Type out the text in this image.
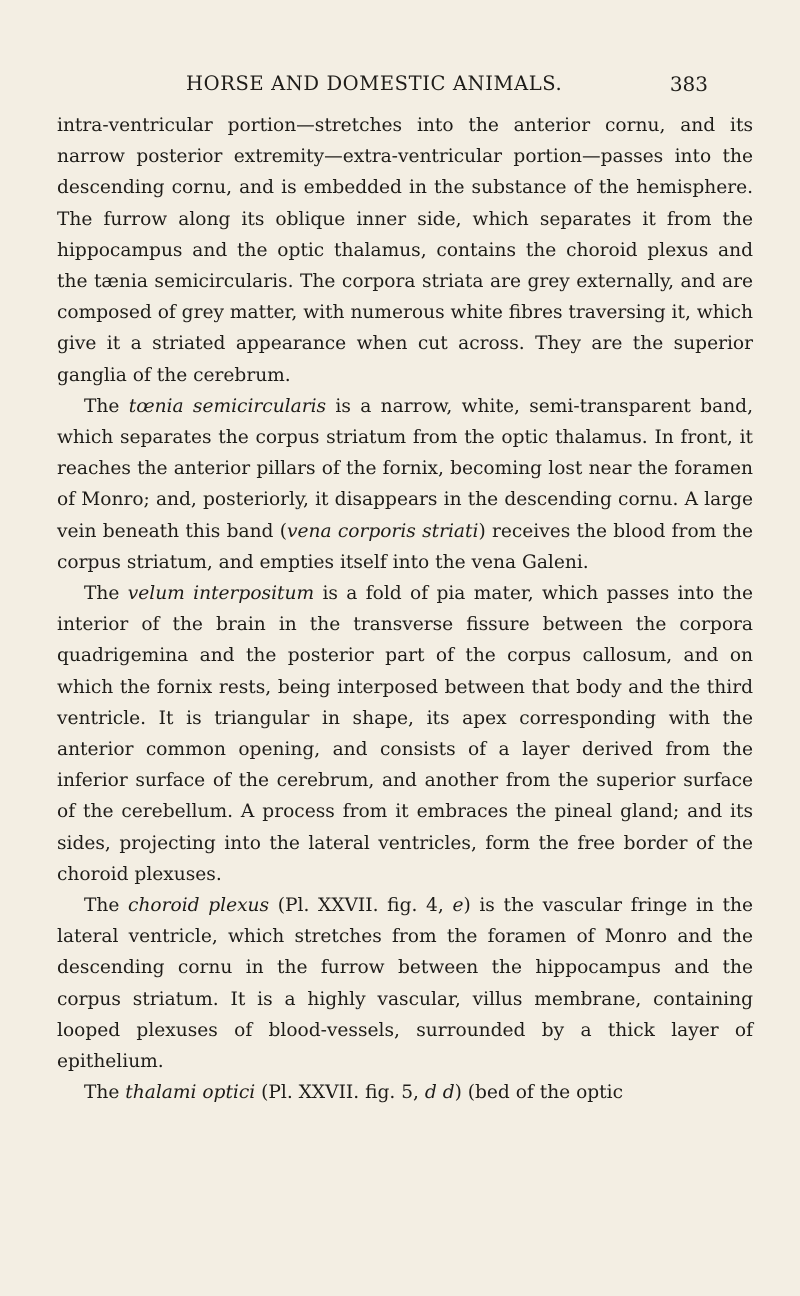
HORSE AND DOMESTIC ANIMALS.	383

intra-ventricular portion—stretches into the anterior cornu, and its narrow posterior extremity—extra-ventricular portion—passes into the descending cornu, and is embedded in the substance of the hemisphere. The furrow along its oblique inner side, which separates it from the hippocampus and the optic thalamus, contains the choroid plexus and the tænia semicircularis. The corpora striata are grey externally, and are composed of grey matter, with numerous white fibres traversing it, which give it a striated appearance when cut across. They are the superior ganglia of the cerebrum.

The tœnia semicircularis is a narrow, white, semi-transparent band, which separates the corpus striatum from the optic thalamus. In front, it reaches the anterior pillars of the fornix, becoming lost near the foramen of Monro; and, posteriorly, it disappears in the descending cornu. A large vein beneath this band (vena corporis striati) receives the blood from the corpus striatum, and empties itself into the vena Galeni.

The velum interpositum is a fold of pia mater, which passes into the interior of the brain in the transverse fissure between the corpora quadrigemina and the posterior part of the corpus callosum, and on which the fornix rests, being interposed between that body and the third ventricle. It is triangular in shape, its apex corresponding with the anterior common opening, and consists of a layer derived from the inferior surface of the cerebrum, and another from the superior surface of the cerebellum. A process from it embraces the pineal gland; and its sides, projecting into the lateral ventricles, form the free border of the choroid plexuses.

The choroid plexus (Pl. XXVII. fig. 4, e) is the vascular fringe in the lateral ventricle, which stretches from the foramen of Monro and the descending cornu in the furrow between the hippocampus and the corpus striatum. It is a highly vascular, villus membrane, containing looped plexuses of blood-vessels, surrounded by a thick layer of epithelium.

The thalami optici (Pl. XXVII. fig. 5, d d) (bed of the optic
